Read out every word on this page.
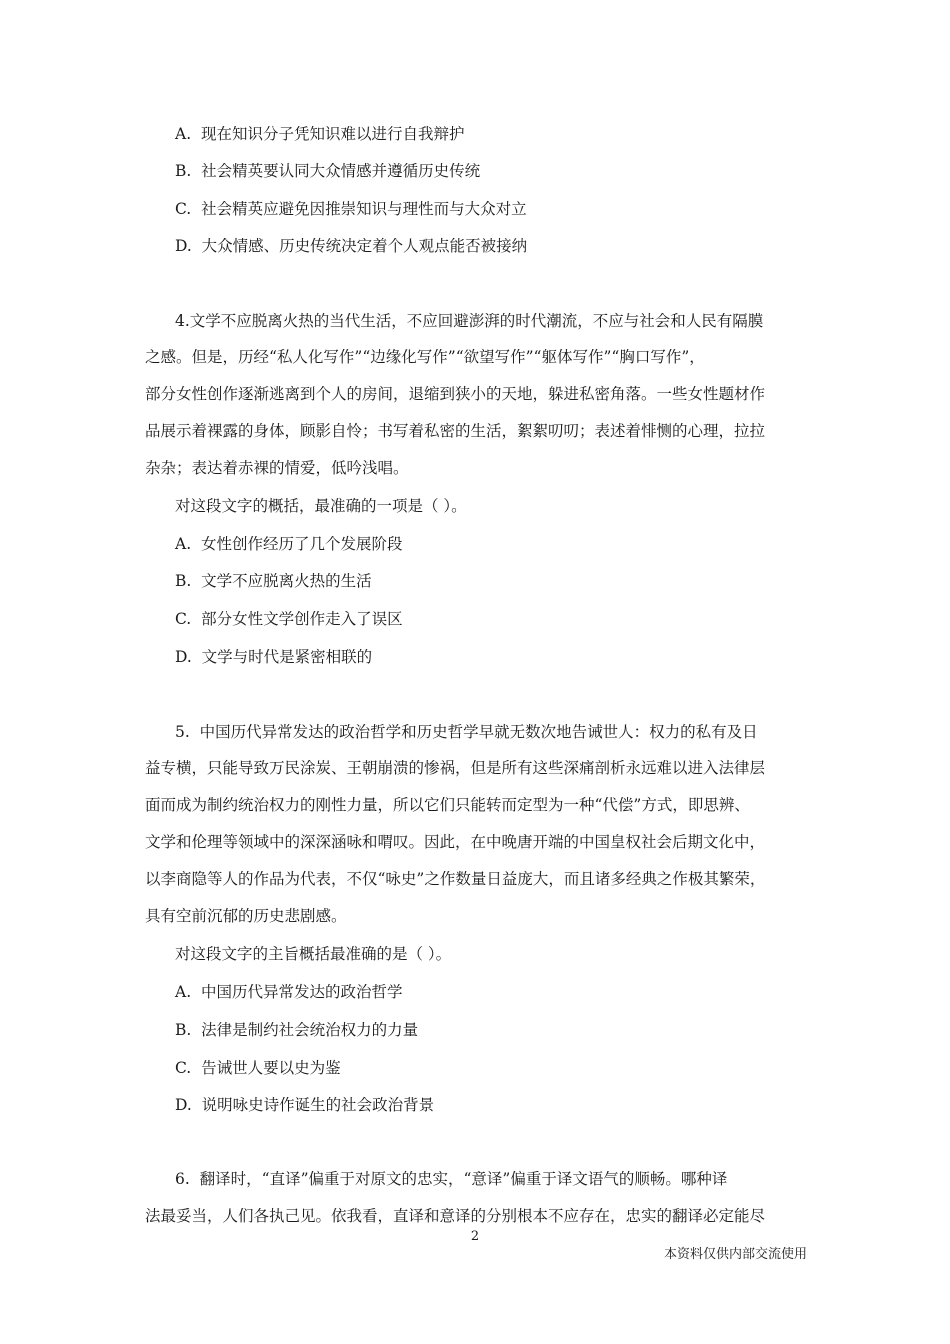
A.  现在知识分子凭知识难以进行自我辩护
B.  社会精英要认同大众情感并遵循历史传统
C.  社会精英应避免因推崇知识与理性而与大众对立
D.  大众情感、历史传统决定着个人观点能否被接纳
4.文学不应脱离火热的当代生活，不应回避澎湃的时代潮流，不应与社会和人民有隔膜
之感。但是，历经“私人化写作”“边缘化写作”“欲望写作”“躯体写作”“胸口写作”，
部分女性创作逐渐逃离到个人的房间，退缩到狭小的天地，躲进私密角落。一些女性题材作
品展示着裸露的身体，顾影自怜；书写着私密的生活，絮絮叨叨；表述着悱恻的心理，拉拉
杂杂；表达着赤裸的情爱，低吟浅唱。
对这段文字的概括，最准确的一项是（ ）。
A.  女性创作经历了几个发展阶段
B.  文学不应脱离火热的生活
C.  部分女性文学创作走入了误区
D.  文学与时代是紧密相联的
5.  中国历代异常发达的政治哲学和历史哲学早就无数次地告诫世人：权力的私有及日
益专横，只能导致万民涂炭、王朝崩溃的惨祸，但是所有这些深痛剖析永远难以进入法律层
面而成为制约统治权力的刚性力量，所以它们只能转而定型为一种“代偿”方式，即思辨、
文学和伦理等领域中的深深涵咏和喟叹。因此，在中晚唐开端的中国皇权社会后期文化中，
以李商隐等人的作品为代表，不仅“咏史”之作数量日益庞大，而且诸多经典之作极其繁荣，
具有空前沉郁的历史悲剧感。
对这段文字的主旨概括最准确的是（ ）。
A.  中国历代异常发达的政治哲学
B.  法律是制约社会统治权力的力量
C.  告诫世人要以史为鉴
D.  说明咏史诗作诞生的社会政治背景
6.  翻译时，“直译”偏重于对原文的忠实，“意译”偏重于译文语气的顺畅。哪种译
法最妥当，人们各执己见。依我看，直译和意译的分别根本不应存在，忠实的翻译必定能尽
2
本资料仅供内部交流使用
